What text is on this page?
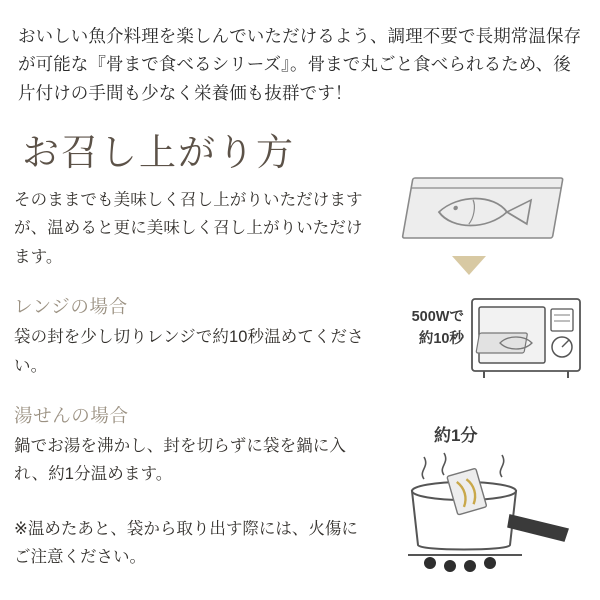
おいしい魚介料理を楽しんでいただけるよう、調理不要で長期常温保存が可能な『骨まで食べるシリーズ』。骨まで丸ごと食べられるため、後片付けの手間も少なく栄養価も抜群です！
お召し上がり方
そのままでも美味しく召し上がりいただけますが、温めると更に美味しく召し上がりいただけます。
レンジの場合
袋の封を少し切りレンジで約10秒温めてください。
湯せんの場合
鍋でお湯を沸かし、封を切らずに袋を鍋に入れ、約1分温めます。
※温めたあと、袋から取り出す際には、火傷にご注意ください。
500Wで
約10秒
約1分
